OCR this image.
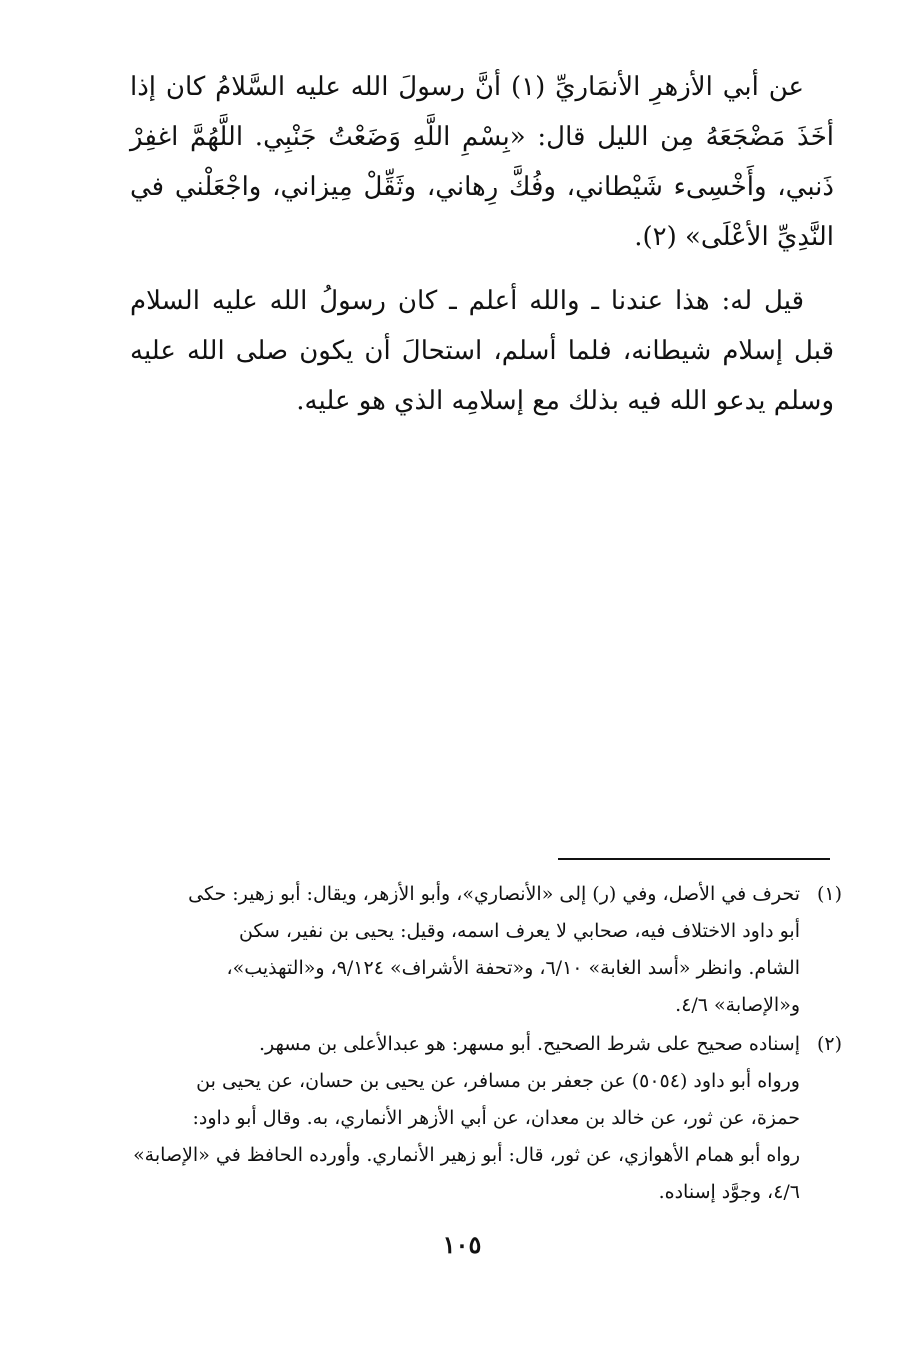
عن أبي الأزهرِ الأنمَاريِّ (١) أنَّ رسولَ الله عليه السَّلامُ كان إذا أخَذَ مَضْجَعَهُ مِن الليل قال: «بِسْمِ اللَّهِ وَضَعْتُ جَنْبِي. اللَّهُمَّ اغفِرْ ذَنبي، وأَخْسِىء شَيْطاني، وفُكَّ رِهاني، وثَقِّلْ مِيزاني، واجْعَلْني في النَّدِيِّ الأعْلَى» (٢).

قيل له: هذا عندنا ـ والله أعلم ـ كان رسولُ الله عليه السلام قبل إسلام شيطانه، فلما أسلم، استحالَ أن يكون صلى الله عليه وسلم يدعو الله فيه بذلك مع إسلامِه الذي هو عليه.

(١)
تحرف في الأصل، وفي (ر) إلى «الأنصاري»، وأبو الأزهر، ويقال: أبو زهير: حكى
أبو داود الاختلاف فيه، صحابي لا يعرف اسمه، وقيل: يحيى بن نفير، سكن
الشام. وانظر «أسد الغابة» ٦/١٠، و«تحفة الأشراف» ٩/١٢٤، و«التهذيب»،
و«الإصابة» ٤/٦.
(٢)
إسناده صحيح على شرط الصحيح. أبو مسهر: هو عبدالأعلى بن مسهر.
ورواه أبو داود (٥٠٥٤) عن جعفر بن مسافر، عن يحيى بن حسان، عن يحيى بن
حمزة، عن ثور، عن خالد بن معدان، عن أبي الأزهر الأنماري، به. وقال أبو داود:
رواه أبو همام الأهوازي، عن ثور، قال: أبو زهير الأنماري. وأورده الحافظ في «الإصابة»
٤/٦، وجوَّد إسناده.
١٠٥
